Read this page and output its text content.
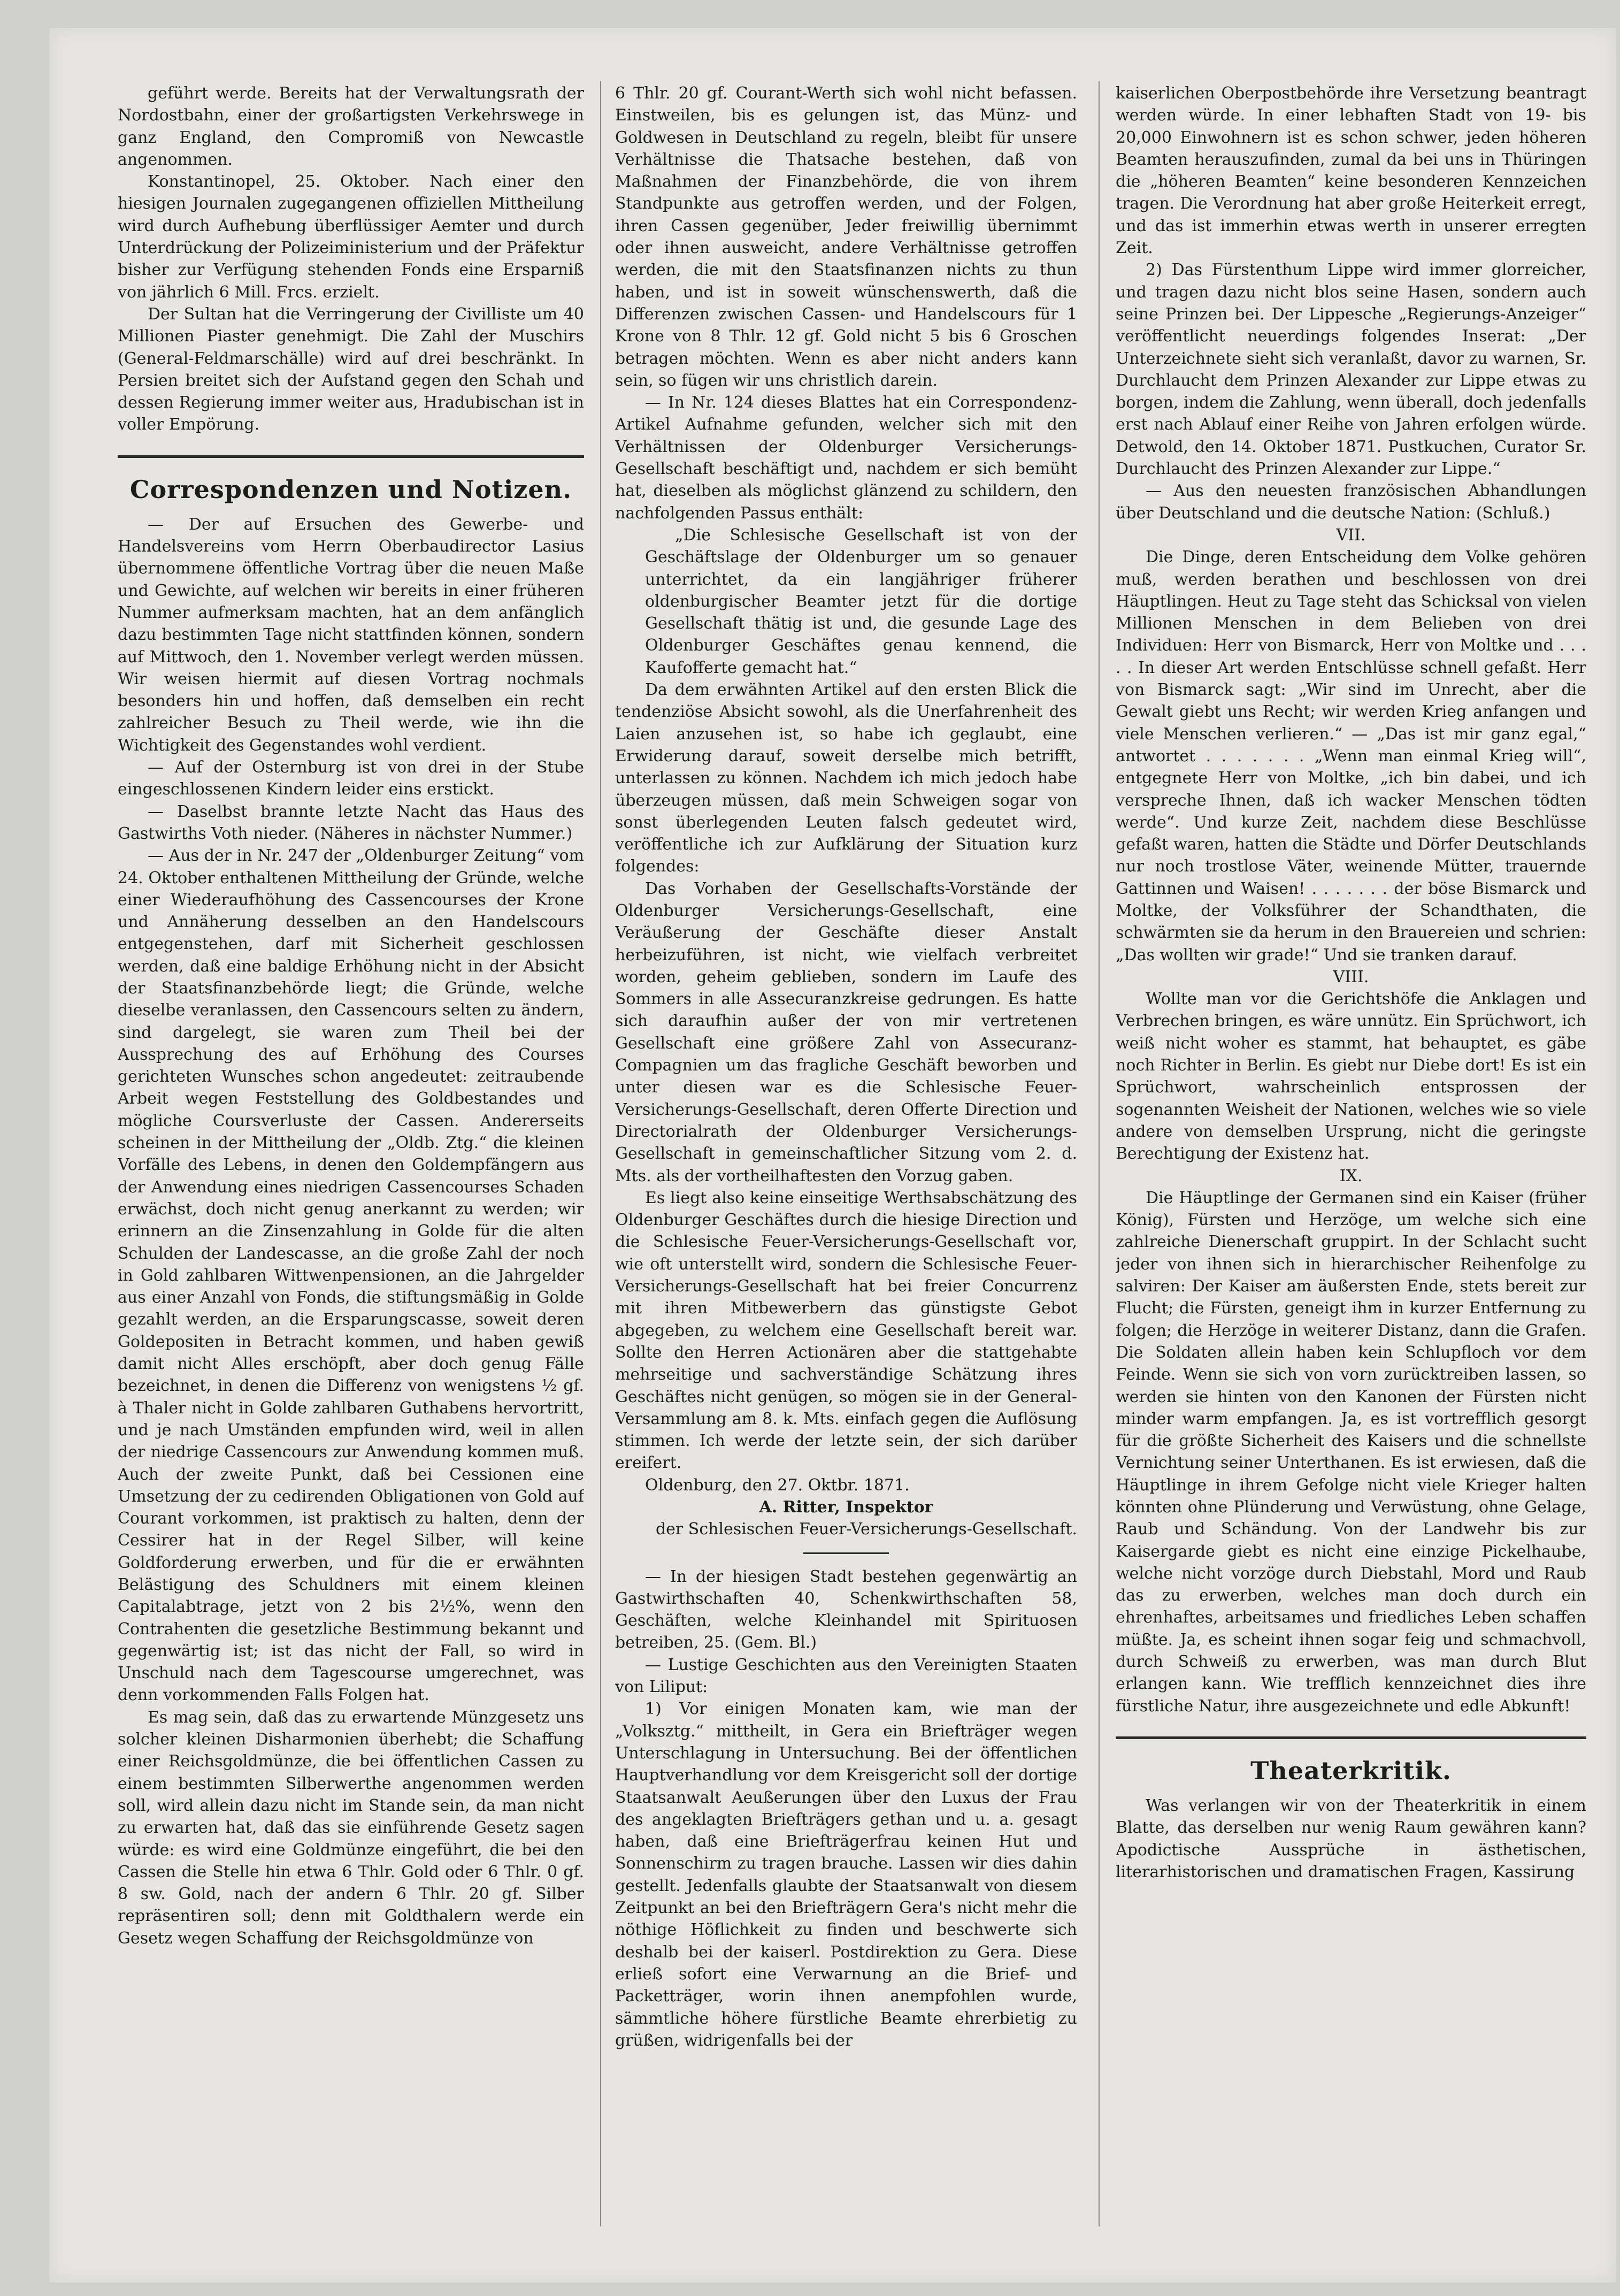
geführt werde. Bereits hat der Verwaltungsrath der Nordostbahn, einer der großartigsten Verkehrswege in ganz England, den Compromiß von Newcastle angenommen.

Konstantinopel, 25. Oktober. Nach einer den hiesigen Journalen zugegangenen offiziellen Mittheilung wird durch Aufhebung überflüssiger Aemter und durch Unterdrückung der Polizeiministerium und der Präfektur bisher zur Verfügung stehenden Fonds eine Ersparniß von jährlich 6 Mill. Frcs. erzielt.

Der Sultan hat die Verringerung der Civilliste um 40 Millionen Piaster genehmigt. Die Zahl der Muschirs (General-Feldmarschälle) wird auf drei beschränkt. In Persien breitet sich der Aufstand gegen den Schah und dessen Regierung immer weiter aus, Hradubischan ist in voller Empörung.

Correspondenzen und Notizen.

— Der auf Ersuchen des Gewerbe- und Handelsvereins vom Herrn Oberbaudirector Lasius übernommene öffentliche Vortrag über die neuen Maße und Gewichte, auf welchen wir bereits in einer früheren Nummer aufmerksam machten, hat an dem anfänglich dazu bestimmten Tage nicht stattfinden können, sondern auf Mittwoch, den 1. November verlegt werden müssen. Wir weisen hiermit auf diesen Vortrag nochmals besonders hin und hoffen, daß demselben ein recht zahlreicher Besuch zu Theil werde, wie ihn die Wichtigkeit des Gegenstandes wohl verdient.

— Auf der Osternburg ist von drei in der Stube eingeschlossenen Kindern leider eins erstickt.

— Daselbst brannte letzte Nacht das Haus des Gastwirths Voth nieder. (Näheres in nächster Nummer.)

— Aus der in Nr. 247 der „Oldenburger Zeitung“ vom 24. Oktober enthaltenen Mittheilung der Gründe, welche einer Wiederaufhöhung des Cassencourses der Krone und Annäherung desselben an den Handelscours entgegenstehen, darf mit Sicherheit geschlossen werden, daß eine baldige Erhöhung nicht in der Absicht der Staatsfinanzbehörde liegt; die Gründe, welche dieselbe veranlassen, den Cassencours selten zu ändern, sind dargelegt, sie waren zum Theil bei der Aussprechung des auf Erhöhung des Courses gerichteten Wunsches schon angedeutet: zeitraubende Arbeit wegen Feststellung des Goldbestandes und mögliche Coursverluste der Cassen. Andererseits scheinen in der Mittheilung der „Oldb. Ztg.“ die kleinen Vorfälle des Lebens, in denen den Goldempfängern aus der Anwendung eines niedrigen Cassencourses Schaden erwächst, doch nicht genug anerkannt zu werden; wir erinnern an die Zinsenzahlung in Golde für die alten Schulden der Landescasse, an die große Zahl der noch in Gold zahlbaren Wittwenpensionen, an die Jahrgelder aus einer Anzahl von Fonds, die stiftungsmäßig in Golde gezahlt werden, an die Ersparungscasse, soweit deren Goldepositen in Betracht kommen, und haben gewiß damit nicht Alles erschöpft, aber doch genug Fälle bezeichnet, in denen die Differenz von wenigstens ½ gf. à Thaler nicht in Golde zahlbaren Guthabens hervortritt, und je nach Umständen empfunden wird, weil in allen der niedrige Cassencours zur Anwendung kommen muß. Auch der zweite Punkt, daß bei Cessionen eine Umsetzung der zu cedirenden Obligationen von Gold auf Courant vorkommen, ist praktisch zu halten, denn der Cessirer hat in der Regel Silber, will keine Goldforderung erwerben, und für die er erwähnten Belästigung des Schuldners mit einem kleinen Capitalabtrage, jetzt von 2 bis 2½%, wenn den Contrahenten die gesetzliche Bestimmung bekannt und gegenwärtig ist; ist das nicht der Fall, so wird in Unschuld nach dem Tagescourse umgerechnet, was denn vorkommenden Falls Folgen hat.

Es mag sein, daß das zu erwartende Münzgesetz uns solcher kleinen Disharmonien überhebt; die Schaffung einer Reichsgoldmünze, die bei öffentlichen Cassen zu einem bestimmten Silberwerthe angenommen werden soll, wird allein dazu nicht im Stande sein, da man nicht zu erwarten hat, daß das sie einführende Gesetz sagen würde: es wird eine Goldmünze eingeführt, die bei den Cassen die Stelle hin etwa 6 Thlr. Gold oder 6 Thlr. 0 gf. 8 sw. Gold, nach der andern 6 Thlr. 20 gf. Silber repräsentiren soll; denn mit Goldthalern werde ein Gesetz wegen Schaffung der Reichsgoldmünze von

6 Thlr. 20 gf. Courant-Werth sich wohl nicht befassen. Einstweilen, bis es gelungen ist, das Münz- und Goldwesen in Deutschland zu regeln, bleibt für unsere Verhältnisse die Thatsache bestehen, daß von Maßnahmen der Finanzbehörde, die von ihrem Standpunkte aus getroffen werden, und der Folgen, ihren Cassen gegenüber, Jeder freiwillig übernimmt oder ihnen ausweicht, andere Verhältnisse getroffen werden, die mit den Staatsfinanzen nichts zu thun haben, und ist in soweit wünschenswerth, daß die Differenzen zwischen Cassen- und Handelscours für 1 Krone von 8 Thlr. 12 gf. Gold nicht 5 bis 6 Groschen betragen möchten. Wenn es aber nicht anders kann sein, so fügen wir uns christlich darein.

— In Nr. 124 dieses Blattes hat ein Correspondenz-Artikel Aufnahme gefunden, welcher sich mit den Verhältnissen der Oldenburger Versicherungs-Gesellschaft beschäftigt und, nachdem er sich bemüht hat, dieselben als möglichst glänzend zu schildern, den nachfolgenden Passus enthält:

„Die Schlesische Gesellschaft ist von der Geschäftslage der Oldenburger um so genauer unterrichtet, da ein langjähriger früherer oldenburgischer Beamter jetzt für die dortige Gesellschaft thätig ist und, die gesunde Lage des Oldenburger Geschäftes genau kennend, die Kaufofferte gemacht hat.“

Da dem erwähnten Artikel auf den ersten Blick die tendenziöse Absicht sowohl, als die Unerfahrenheit des Laien anzusehen ist, so habe ich geglaubt, eine Erwiderung darauf, soweit derselbe mich betrifft, unterlassen zu können. Nachdem ich mich jedoch habe überzeugen müssen, daß mein Schweigen sogar von sonst überlegenden Leuten falsch gedeutet wird, veröffentliche ich zur Aufklärung der Situation kurz folgendes:

Das Vorhaben der Gesellschafts-Vorstände der Oldenburger Versicherungs-Gesellschaft, eine Veräußerung der Geschäfte dieser Anstalt herbeizuführen, ist nicht, wie vielfach verbreitet worden, geheim geblieben, sondern im Laufe des Sommers in alle Assecuranzkreise gedrungen. Es hatte sich daraufhin außer der von mir vertretenen Gesellschaft eine größere Zahl von Assecuranz-Compagnien um das fragliche Geschäft beworben und unter diesen war es die Schlesische Feuer-Versicherungs-Gesellschaft, deren Offerte Direction und Directorialrath der Oldenburger Versicherungs-Gesellschaft in gemeinschaftlicher Sitzung vom 2. d. Mts. als der vortheilhaftesten den Vorzug gaben.

Es liegt also keine einseitige Werthsabschätzung des Oldenburger Geschäftes durch die hiesige Direction und die Schlesische Feuer-Versicherungs-Gesellschaft vor, wie oft unterstellt wird, sondern die Schlesische Feuer-Versicherungs-Gesellschaft hat bei freier Concurrenz mit ihren Mitbewerbern das günstigste Gebot abgegeben, zu welchem eine Gesellschaft bereit war. Sollte den Herren Actionären aber die stattgehabte mehrseitige und sachverständige Schätzung ihres Geschäftes nicht genügen, so mögen sie in der General-Versammlung am 8. k. Mts. einfach gegen die Auflösung stimmen. Ich werde der letzte sein, der sich darüber ereifert.

Oldenburg, den 27. Oktbr. 1871.

A. Ritter, Inspektor

der Schlesischen Feuer-Versicherungs-Gesellschaft.

— In der hiesigen Stadt bestehen gegenwärtig an Gastwirthschaften 40, Schenkwirthschaften 58, Geschäften, welche Kleinhandel mit Spirituosen betreiben, 25. (Gem. Bl.)

— Lustige Geschichten aus den Vereinigten Staaten von Liliput:

1) Vor einigen Monaten kam, wie man der „Volksztg.“ mittheilt, in Gera ein Briefträger wegen Unterschlagung in Untersuchung. Bei der öffentlichen Hauptverhandlung vor dem Kreisgericht soll der dortige Staatsanwalt Aeußerungen über den Luxus der Frau des angeklagten Briefträgers gethan und u. a. gesagt haben, daß eine Briefträgerfrau keinen Hut und Sonnenschirm zu tragen brauche. Lassen wir dies dahin gestellt. Jedenfalls glaubte der Staatsanwalt von diesem Zeitpunkt an bei den Briefträgern Gera's nicht mehr die nöthige Höflichkeit zu finden und beschwerte sich deshalb bei der kaiserl. Postdirektion zu Gera. Diese erließ sofort eine Verwarnung an die Brief- und Packetträger, worin ihnen anempfohlen wurde, sämmtliche höhere fürstliche Beamte ehrerbietig zu grüßen, widrigenfalls bei der

kaiserlichen Oberpostbehörde ihre Versetzung beantragt werden würde. In einer lebhaften Stadt von 19- bis 20,000 Einwohnern ist es schon schwer, jeden höheren Beamten herauszufinden, zumal da bei uns in Thüringen die „höheren Beamten“ keine besonderen Kennzeichen tragen. Die Verordnung hat aber große Heiterkeit erregt, und das ist immerhin etwas werth in unserer erregten Zeit.

2) Das Fürstenthum Lippe wird immer glorreicher, und tragen dazu nicht blos seine Hasen, sondern auch seine Prinzen bei. Der Lippesche „Regierungs-Anzeiger“ veröffentlicht neuerdings folgendes Inserat: „Der Unterzeichnete sieht sich veranlaßt, davor zu warnen, Sr. Durchlaucht dem Prinzen Alexander zur Lippe etwas zu borgen, indem die Zahlung, wenn überall, doch jedenfalls erst nach Ablauf einer Reihe von Jahren erfolgen würde. Detwold, den 14. Oktober 1871. Pustkuchen, Curator Sr. Durchlaucht des Prinzen Alexander zur Lippe.“

— Aus den neuesten französischen Abhandlungen über Deutschland und die deutsche Nation: (Schluß.)

VII.

Die Dinge, deren Entscheidung dem Volke gehören muß, werden berathen und beschlossen von drei Häuptlingen. Heut zu Tage steht das Schicksal von vielen Millionen Menschen in dem Belieben von drei Individuen: Herr von Bismarck, Herr von Moltke und . . . . . In dieser Art werden Entschlüsse schnell gefaßt. Herr von Bismarck sagt: „Wir sind im Unrecht, aber die Gewalt giebt uns Recht; wir werden Krieg anfangen und viele Menschen verlieren.“ — „Das ist mir ganz egal,“ antwortet . . . . . . . „Wenn man einmal Krieg will“, entgegnete Herr von Moltke, „ich bin dabei, und ich verspreche Ihnen, daß ich wacker Menschen tödten werde“. Und kurze Zeit, nachdem diese Beschlüsse gefaßt waren, hatten die Städte und Dörfer Deutschlands nur noch trostlose Väter, weinende Mütter, trauernde Gattinnen und Waisen! . . . . . . . der böse Bismarck und Moltke, der Volksführer der Schandthaten, die schwärmten sie da herum in den Brauereien und schrien: „Das wollten wir grade!“ Und sie tranken darauf.

VIII.

Wollte man vor die Gerichtshöfe die Anklagen und Verbrechen bringen, es wäre unnütz. Ein Sprüchwort, ich weiß nicht woher es stammt, hat behauptet, es gäbe noch Richter in Berlin. Es giebt nur Diebe dort! Es ist ein Sprüchwort, wahrscheinlich entsprossen der sogenannten Weisheit der Nationen, welches wie so viele andere von demselben Ursprung, nicht die geringste Berechtigung der Existenz hat.

IX.

Die Häuptlinge der Germanen sind ein Kaiser (früher König), Fürsten und Herzöge, um welche sich eine zahlreiche Dienerschaft gruppirt. In der Schlacht sucht jeder von ihnen sich in hierarchischer Reihenfolge zu salviren: Der Kaiser am äußersten Ende, stets bereit zur Flucht; die Fürsten, geneigt ihm in kurzer Entfernung zu folgen; die Herzöge in weiterer Distanz, dann die Grafen. Die Soldaten allein haben kein Schlupfloch vor dem Feinde. Wenn sie sich von vorn zurücktreiben lassen, so werden sie hinten von den Kanonen der Fürsten nicht minder warm empfangen. Ja, es ist vortrefflich gesorgt für die größte Sicherheit des Kaisers und die schnellste Vernichtung seiner Unterthanen. Es ist erwiesen, daß die Häuptlinge in ihrem Gefolge nicht viele Krieger halten könnten ohne Plünderung und Verwüstung, ohne Gelage, Raub und Schändung. Von der Landwehr bis zur Kaisergarde giebt es nicht eine einzige Pickelhaube, welche nicht vorzöge durch Diebstahl, Mord und Raub das zu erwerben, welches man doch durch ein ehrenhaftes, arbeitsames und friedliches Leben schaffen müßte. Ja, es scheint ihnen sogar feig und schmachvoll, durch Schweiß zu erwerben, was man durch Blut erlangen kann. Wie trefflich kennzeichnet dies ihre fürstliche Natur, ihre ausgezeichnete und edle Abkunft!

Theaterkritik.

Was verlangen wir von der Theaterkritik in einem Blatte, das derselben nur wenig Raum gewähren kann? Apodictische Aussprüche in ästhetischen, literarhistorischen und dramatischen Fragen, Kassirung
